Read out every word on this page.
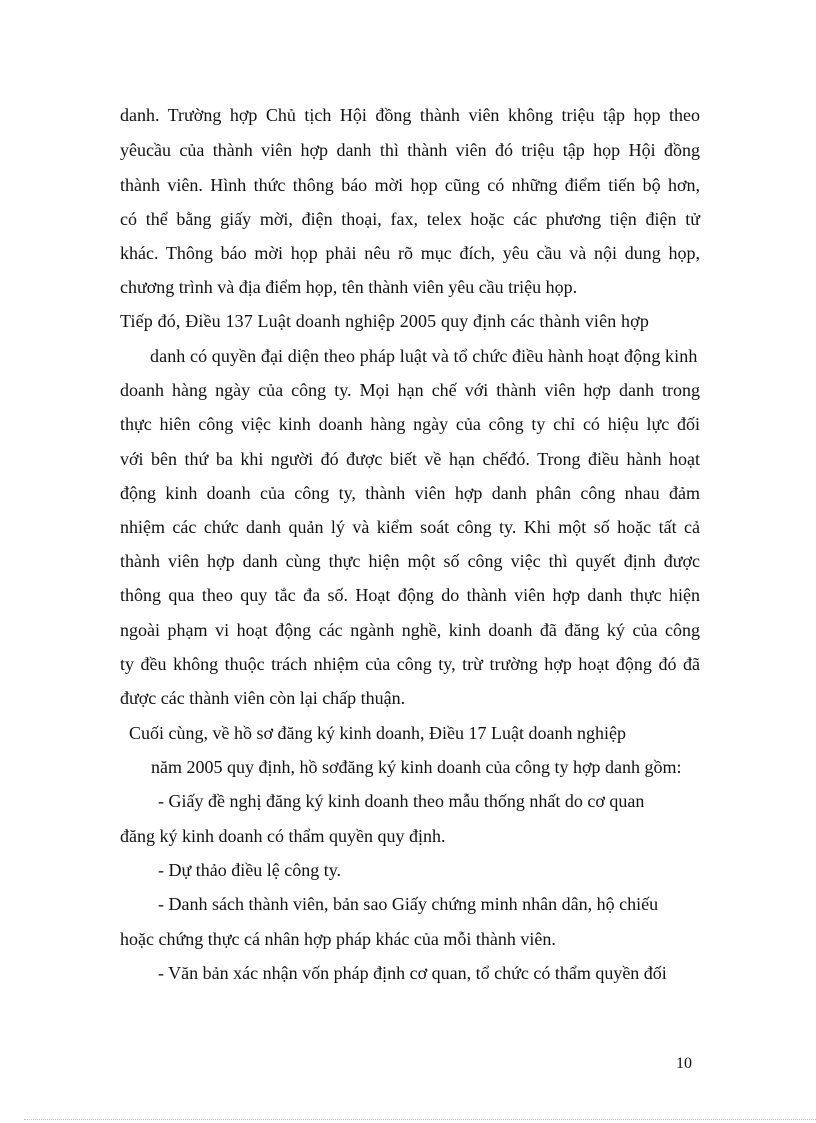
danh. Trường hợp Chủ tịch Hội đồng thành viên không triệu tập họp theo

yêucầu của thành viên hợp danh thì thành viên đó triệu tập họp Hội đồng

thành viên. Hình thức thông báo mời họp cũng có những điểm tiến bộ hơn,

có thể bằng giấy mời, điện thoại, fax, telex hoặc các phương tiện điện tử

khác. Thông báo mời họp phải nêu rõ mục đích, yêu cầu và nội dung họp,

chương trình và địa điểm họp, tên thành viên yêu cầu triệu họp.

Tiếp đó, Điều 137 Luật doanh nghiệp 2005 quy định các thành viên hợp

danh có quyền đại diện theo pháp luật và tổ chức điều hành hoạt động kinh

doanh hàng ngày của công ty. Mọi hạn chế với thành viên hợp danh trong

thực hiên công việc kinh doanh hàng ngày của công ty chỉ có hiệu lực đối

với bên thứ ba khi người đó được biết về hạn chếđó. Trong điều hành hoạt

động kinh doanh của công ty, thành viên hợp danh phân công nhau đảm

nhiệm các chức danh quản lý và kiểm soát công ty. Khi một số hoặc tất cả

thành viên hợp danh cùng thực hiện một số công việc thì quyết định được

thông qua theo quy tắc đa số. Hoạt động do thành viên hợp danh thực hiện

ngoài phạm vi hoạt động các ngành nghề, kinh doanh đã đăng ký của công

ty đều không thuộc trách nhiệm của công ty, trừ trường hợp hoạt động đó đã

được các thành viên còn lại chấp thuận.

Cuối cùng, về hồ sơ đăng ký kinh doanh, Điều 17 Luật doanh nghiệp

năm 2005 quy định, hồ sơđăng ký kinh doanh của công ty hợp danh gồm:

- Giấy đề nghị đăng ký kinh doanh theo mẫu thống nhất do cơ quan

đăng ký kinh doanh có thẩm quyền quy định.

- Dự thảo điều lệ công ty.

- Danh sách thành viên, bản sao Giấy chứng minh nhân dân, hộ chiếu

hoặc chứng thực cá nhân hợp pháp khác của mỗi thành viên.

- Văn bản xác nhận vốn pháp định cơ quan, tổ chức có thẩm quyền đối

10
